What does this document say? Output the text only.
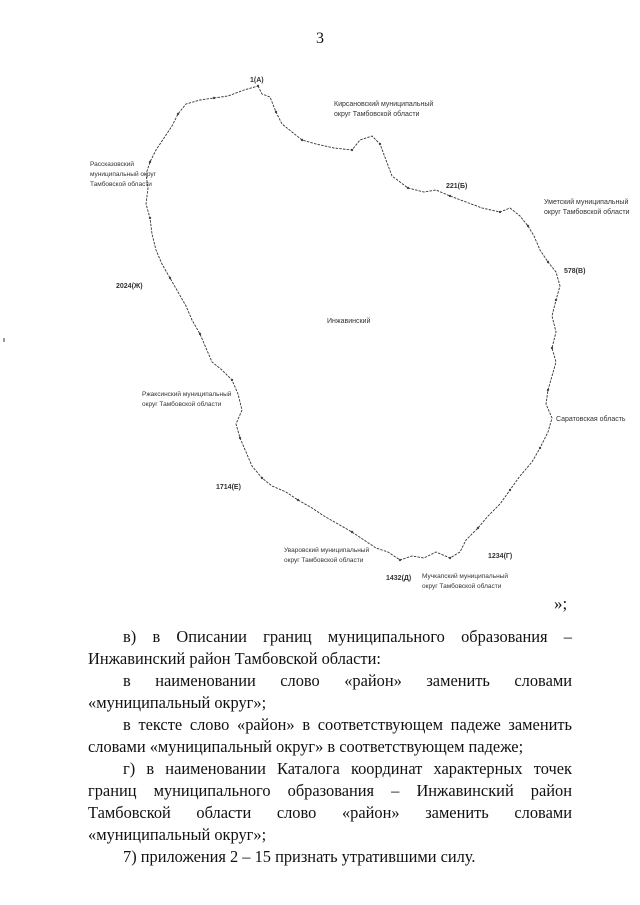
3
Кирсановский муниципальный
округ Тамбовской области
Уметский муниципальный
округ Тамбовской области
Саратовская область
Мучкапский муниципальный
округ Тамбовской области
Уваровский муниципальный
округ Тамбовской области
Ржаксинский муниципальный
округ Тамбовской области
Рассказовский
муниципальный округ
Тамбовской области
Инжавинский
1(A)
221(Б)
578(В)
1234(Г)
1432(Д)
1714(Е)
2024(Ж)
»;

в) в Описании границ муниципального образования – Инжавинский район Тамбовской области:

в наименовании слово «район» заменить словами «муниципальный округ»;

в тексте слово «район» в соответствующем падеже заменить словами «муниципальный округ» в соответствующем падеже;

г) в наименовании Каталога координат характерных точек границ муниципального образования – Инжавинский район Тамбовской области слово «район» заменить словами «муниципальный округ»;

7) приложения 2 – 15 признать утратившими силу.
